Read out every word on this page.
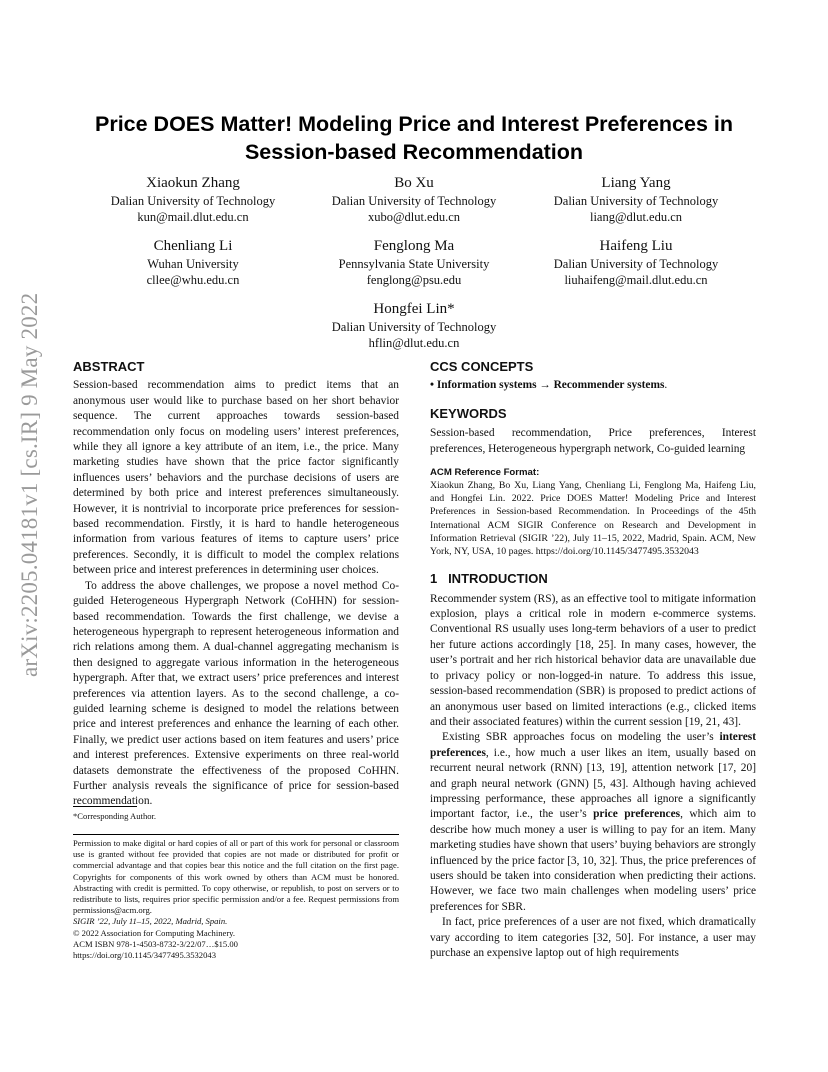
arXiv:2205.04181v1 [cs.IR] 9 May 2022
Price DOES Matter! Modeling Price and Interest Preferences in
Session-based Recommendation
Xiaokun Zhang
Dalian University of Technology
kun@mail.dlut.edu.cn
Bo Xu
Dalian University of Technology
xubo@dlut.edu.cn
Liang Yang
Dalian University of Technology
liang@dlut.edu.cn
Chenliang Li
Wuhan University
cllee@whu.edu.cn
Fenglong Ma
Pennsylvania State University
fenglong@psu.edu
Haifeng Liu
Dalian University of Technology
liuhaifeng@mail.dlut.edu.cn
Hongfei Lin*
Dalian University of Technology
hflin@dlut.edu.cn
ABSTRACT

Session-based recommendation aims to predict items that an anonymous user would like to purchase based on her short behavior sequence. The current approaches towards session-based recommendation only focus on modeling users’ interest preferences, while they all ignore a key attribute of an item, i.e., the price. Many marketing studies have shown that the price factor significantly influences users’ behaviors and the purchase decisions of users are determined by both price and interest preferences simultaneously. However, it is nontrivial to incorporate price preferences for session-based recommendation. Firstly, it is hard to handle heterogeneous information from various features of items to capture users’ price preferences. Secondly, it is difficult to model the complex relations between price and interest preferences in determining user choices.

To address the above challenges, we propose a novel method Co-guided Heterogeneous Hypergraph Network (CoHHN) for session-based recommendation. Towards the first challenge, we devise a heterogeneous hypergraph to represent heterogeneous information and rich relations among them. A dual-channel aggregating mechanism is then designed to aggregate various information in the heterogeneous hypergraph. After that, we extract users’ price preferences and interest preferences via attention layers. As to the second challenge, a co-guided learning scheme is designed to model the relations between price and interest preferences and enhance the learning of each other. Finally, we predict user actions based on item features and users’ price and interest preferences. Extensive experiments on three real-world datasets demonstrate the effectiveness of the proposed CoHHN. Further analysis reveals the significance of price for session-based recommendation.

*Corresponding Author.

Permission to make digital or hard copies of all or part of this work for personal or classroom use is granted without fee provided that copies are not made or distributed for profit or commercial advantage and that copies bear this notice and the full citation on the first page. Copyrights for components of this work owned by others than ACM must be honored. Abstracting with credit is permitted. To copy otherwise, or republish, to post on servers or to redistribute to lists, requires prior specific permission and/or a fee. Request permissions from permissions@acm.org.

SIGIR ’22, July 11–15, 2022, Madrid, Spain.

© 2022 Association for Computing Machinery.

ACM ISBN 978-1-4503-8732-3/22/07…$15.00

https://doi.org/10.1145/3477495.3532043

CCS CONCEPTS

• Information systems → Recommender systems.

KEYWORDS

Session-based recommendation, Price preferences, Interest preferences, Heterogeneous hypergraph network, Co-guided learning

ACM Reference Format:

Xiaokun Zhang, Bo Xu, Liang Yang, Chenliang Li, Fenglong Ma, Haifeng Liu, and Hongfei Lin. 2022. Price DOES Matter! Modeling Price and Interest Preferences in Session-based Recommendation. In Proceedings of the 45th International ACM SIGIR Conference on Research and Development in Information Retrieval (SIGIR ’22), July 11–15, 2022, Madrid, Spain. ACM, New York, NY, USA, 10 pages. https://doi.org/10.1145/3477495.3532043

1   INTRODUCTION

Recommender system (RS), as an effective tool to mitigate information explosion, plays a critical role in modern e-commerce systems. Conventional RS usually uses long-term behaviors of a user to predict her future actions accordingly [18, 25]. In many cases, however, the user’s portrait and her rich historical behavior data are unavailable due to privacy policy or non-logged-in nature. To address this issue, session-based recommendation (SBR) is proposed to predict actions of an anonymous user based on limited interactions (e.g., clicked items and their associated features) within the current session [19, 21, 43].

Existing SBR approaches focus on modeling the user’s interest preferences, i.e., how much a user likes an item, usually based on recurrent neural network (RNN) [13, 19], attention network [17, 20] and graph neural network (GNN) [5, 43]. Although having achieved impressing performance, these approaches all ignore a significantly important factor, i.e., the user’s price preferences, which aim to describe how much money a user is willing to pay for an item. Many marketing studies have shown that users’ buying behaviors are strongly influenced by the price factor [3, 10, 32]. Thus, the price preferences of users should be taken into consideration when predicting their actions. However, we face two main challenges when modeling users’ price preferences for SBR.

In fact, price preferences of a user are not fixed, which dramatically vary according to item categories [32, 50]. For instance, a user may purchase an expensive laptop out of high requirements
